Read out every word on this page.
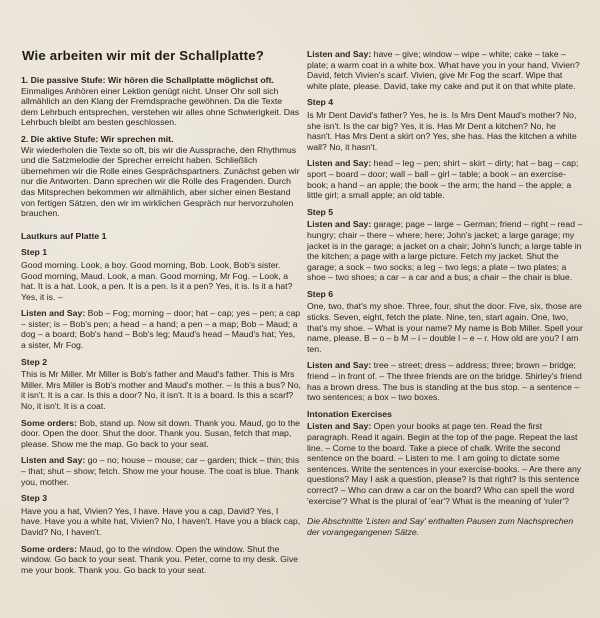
Wie arbeiten wir mit der Schallplatte?

1. Die passive Stufe: Wir hören die Schallplatte möglichst oft.
Einmaliges Anhören einer Lektion genügt nicht. Unser Ohr soll sich allmählich an den Klang der Fremdsprache gewöhnen. Da die Texte dem Lehrbuch entsprechen, verstehen wir alles ohne Schwierigkeit. Das Lehrbuch bleibt am besten geschlossen.

2. Die aktive Stufe: Wir sprechen mit.
Wir wiederholen die Texte so oft, bis wir die Aussprache, den Rhythmus und die Satzmelodie der Sprecher erreicht haben. Schließlich übernehmen wir die Rolle eines Gesprächspartners. Zunächst geben wir nur die Antworten. Dann sprechen wir die Rolle des Fragenden. Durch das Mitsprechen bekommen wir allmählich, aber sicher einen Bestand von fertigen Sätzen, den wir im wirklichen Gespräch nur hervorzuholen brauchen.

Lautkurs auf Platte 1
Step 1

Good morning. Look, a boy. Good morning, Bob. Look, Bob's sister. Good morning, Maud. Look, a man. Good morning, Mr Fog. – Look, a hat. It is a hat. Look, a pen. It is a pen. Is it a pen? Yes, it is. Is it a hat? Yes, it is. –

Listen and Say: Bob – Fog; morning – door; hat – cap; yes – pen; a cap – sister; is – Bob's pen; a head – a hand; a pen – a map; Bob – Maud; a dog – a board; Bob's hand – Bob's leg; Maud's head – Maud's hat; Yes, a sister, Mr Fog.

Step 2

This is Mr Miller. Mr Miller is Bob's father and Maud's father. This is Mrs Miller. Mrs Miller is Bob's mother and Maud's mother. – Is this a bus? No, it isn't. It is a car. Is this a door? No, it isn't. It is a board. Is this a scarf? No, it isn't. It is a coat.

Some orders: Bob, stand up. Now sit down. Thank you. Maud, go to the door. Open the door. Shut the door. Thank you. Susan, fetch that map, please. Show me the map. Go back to your seat.

Listen and Say: go – no; house – mouse; car – garden; thick – thin; this – that; shut – show; fetch. Show me your house. The coat is blue. Thank you, mother.

Step 3

Have you a hat, Vivien? Yes, I have. Have you a cap, David? Yes, I have. Have you a white hat, Vivien? No, I haven't. Have you a black cap, David? No, I haven't.

Some orders: Maud, go to the window. Open the window. Shut the window. Go back to your seat. Thank you. Peter, come to my desk. Give me your book. Thank you. Go back to your seat.

Listen and Say: have – give; window – wipe – white; cake – take – plate; a warm coat in a white box. What have you in your hand, Vivien? David, fetch Vivien's scarf. Vivien, give Mr Fog the scarf. Wipe that white plate, please. David, take my cake and put it on that white plate.

Step 4

Is Mr Dent David's father? Yes, he is. Is Mrs Dent Maud's mother? No, she isn't. Is the car big? Yes, it is. Has Mr Dent a kitchen? No, he hasn't. Has Mrs Dent a skirt on? Yes, she has. Has the kitchen a white wall? No, it hasn't.

Listen and Say: head – leg – pen; shirt – skirt – dirty; hat – bag – cap; sport – board – door; wall – ball – girl – table; a book – an exercise-book; a hand – an apple; the book – the arm; the hand – the apple; a little girl; a small apple; an old table.

Step 5

Listen and Say: garage; page – large – German; friend – right – read – hungry; chair – there – where; here; John's jacket; a large garage; my jacket is in the garage; a jacket on a chair; John's lunch; a large table in the kitchen; a page with a large picture. Fetch my jacket. Shut the garage; a sock – two socks; a leg – two legs; a plate – two plates; a shoe – two shoes; a car – a car and a bus; a chair – the chair is blue.

Step 6

One, two, that's my shoe. Three, four, shut the door. Five, six, those are sticks. Seven, eight, fetch the plate. Nine, ten, start again. One, two, that's my shoe. – What is your name? My name is Bob Miller. Spell your name, please. B – o – b M – i – double l – e – r. How old are you? I am ten.

Listen and Say: tree – street; dress – address; three; brown – bridge; friend – in front of. – The three friends are on the bridge. Shirley's friend has a brown dress. The bus is standing at the bus stop. – a sentence – two sentences; a box – two boxes.

Intonation Exercises

Listen and Say: Open your books at page ten. Read the first paragraph. Read it again. Begin at the top of the page. Repeat the last line. – Come to the board. Take a piece of chalk. Write the second sentence on the board. – Listen to me. I am going to dictate some sentences. Write the sentences in your exercise-books. – Are there any questions? May I ask a question, please? Is that right? Is this sentence correct? – Who can draw a car on the board? Who can spell the word 'exercise'? What is the plural of 'ear'? What is the meaning of 'ruler'?

Die Abschnitte 'Listen and Say' enthalten Pausen zum Nachsprechen der vorangegangenen Sätze.
